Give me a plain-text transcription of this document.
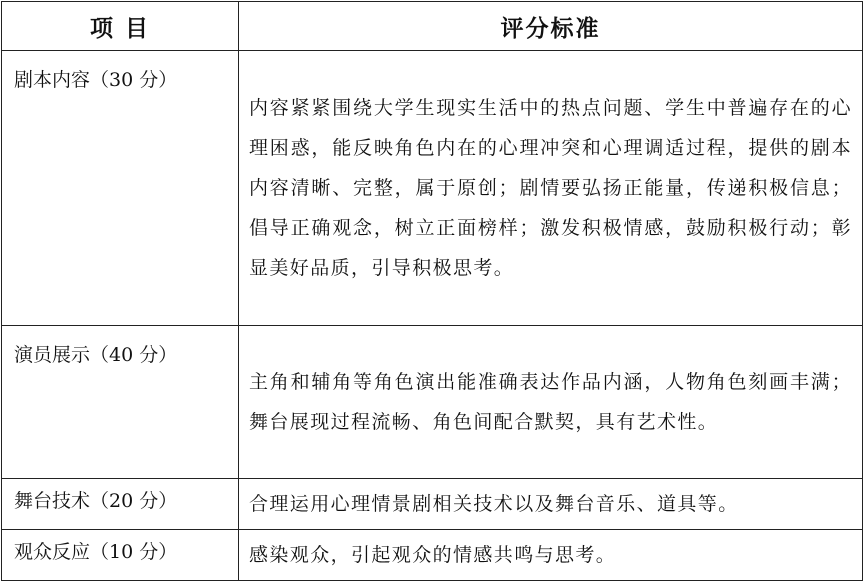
项 目	评分标准
剧本内容（30 分）	内容紧紧围绕大学生现实生活中的热点问题、学生中普遍存在的心理困惑，能反映角色内在的心理冲突和心理调适过程，提供的剧本内容清晰、完整，属于原创；剧情要弘扬正能量，传递积极信息；倡导正确观念，树立正面榜样；激发积极情感，鼓励积极行动；彰显美好品质，引导积极思考。
演员展示（40 分）	主角和辅角等角色演出能准确表达作品内涵，人物角色刻画丰满；舞台展现过程流畅、角色间配合默契，具有艺术性。
舞台技术（20 分）	合理运用心理情景剧相关技术以及舞台音乐、道具等。
观众反应（10 分）	感染观众，引起观众的情感共鸣与思考。
